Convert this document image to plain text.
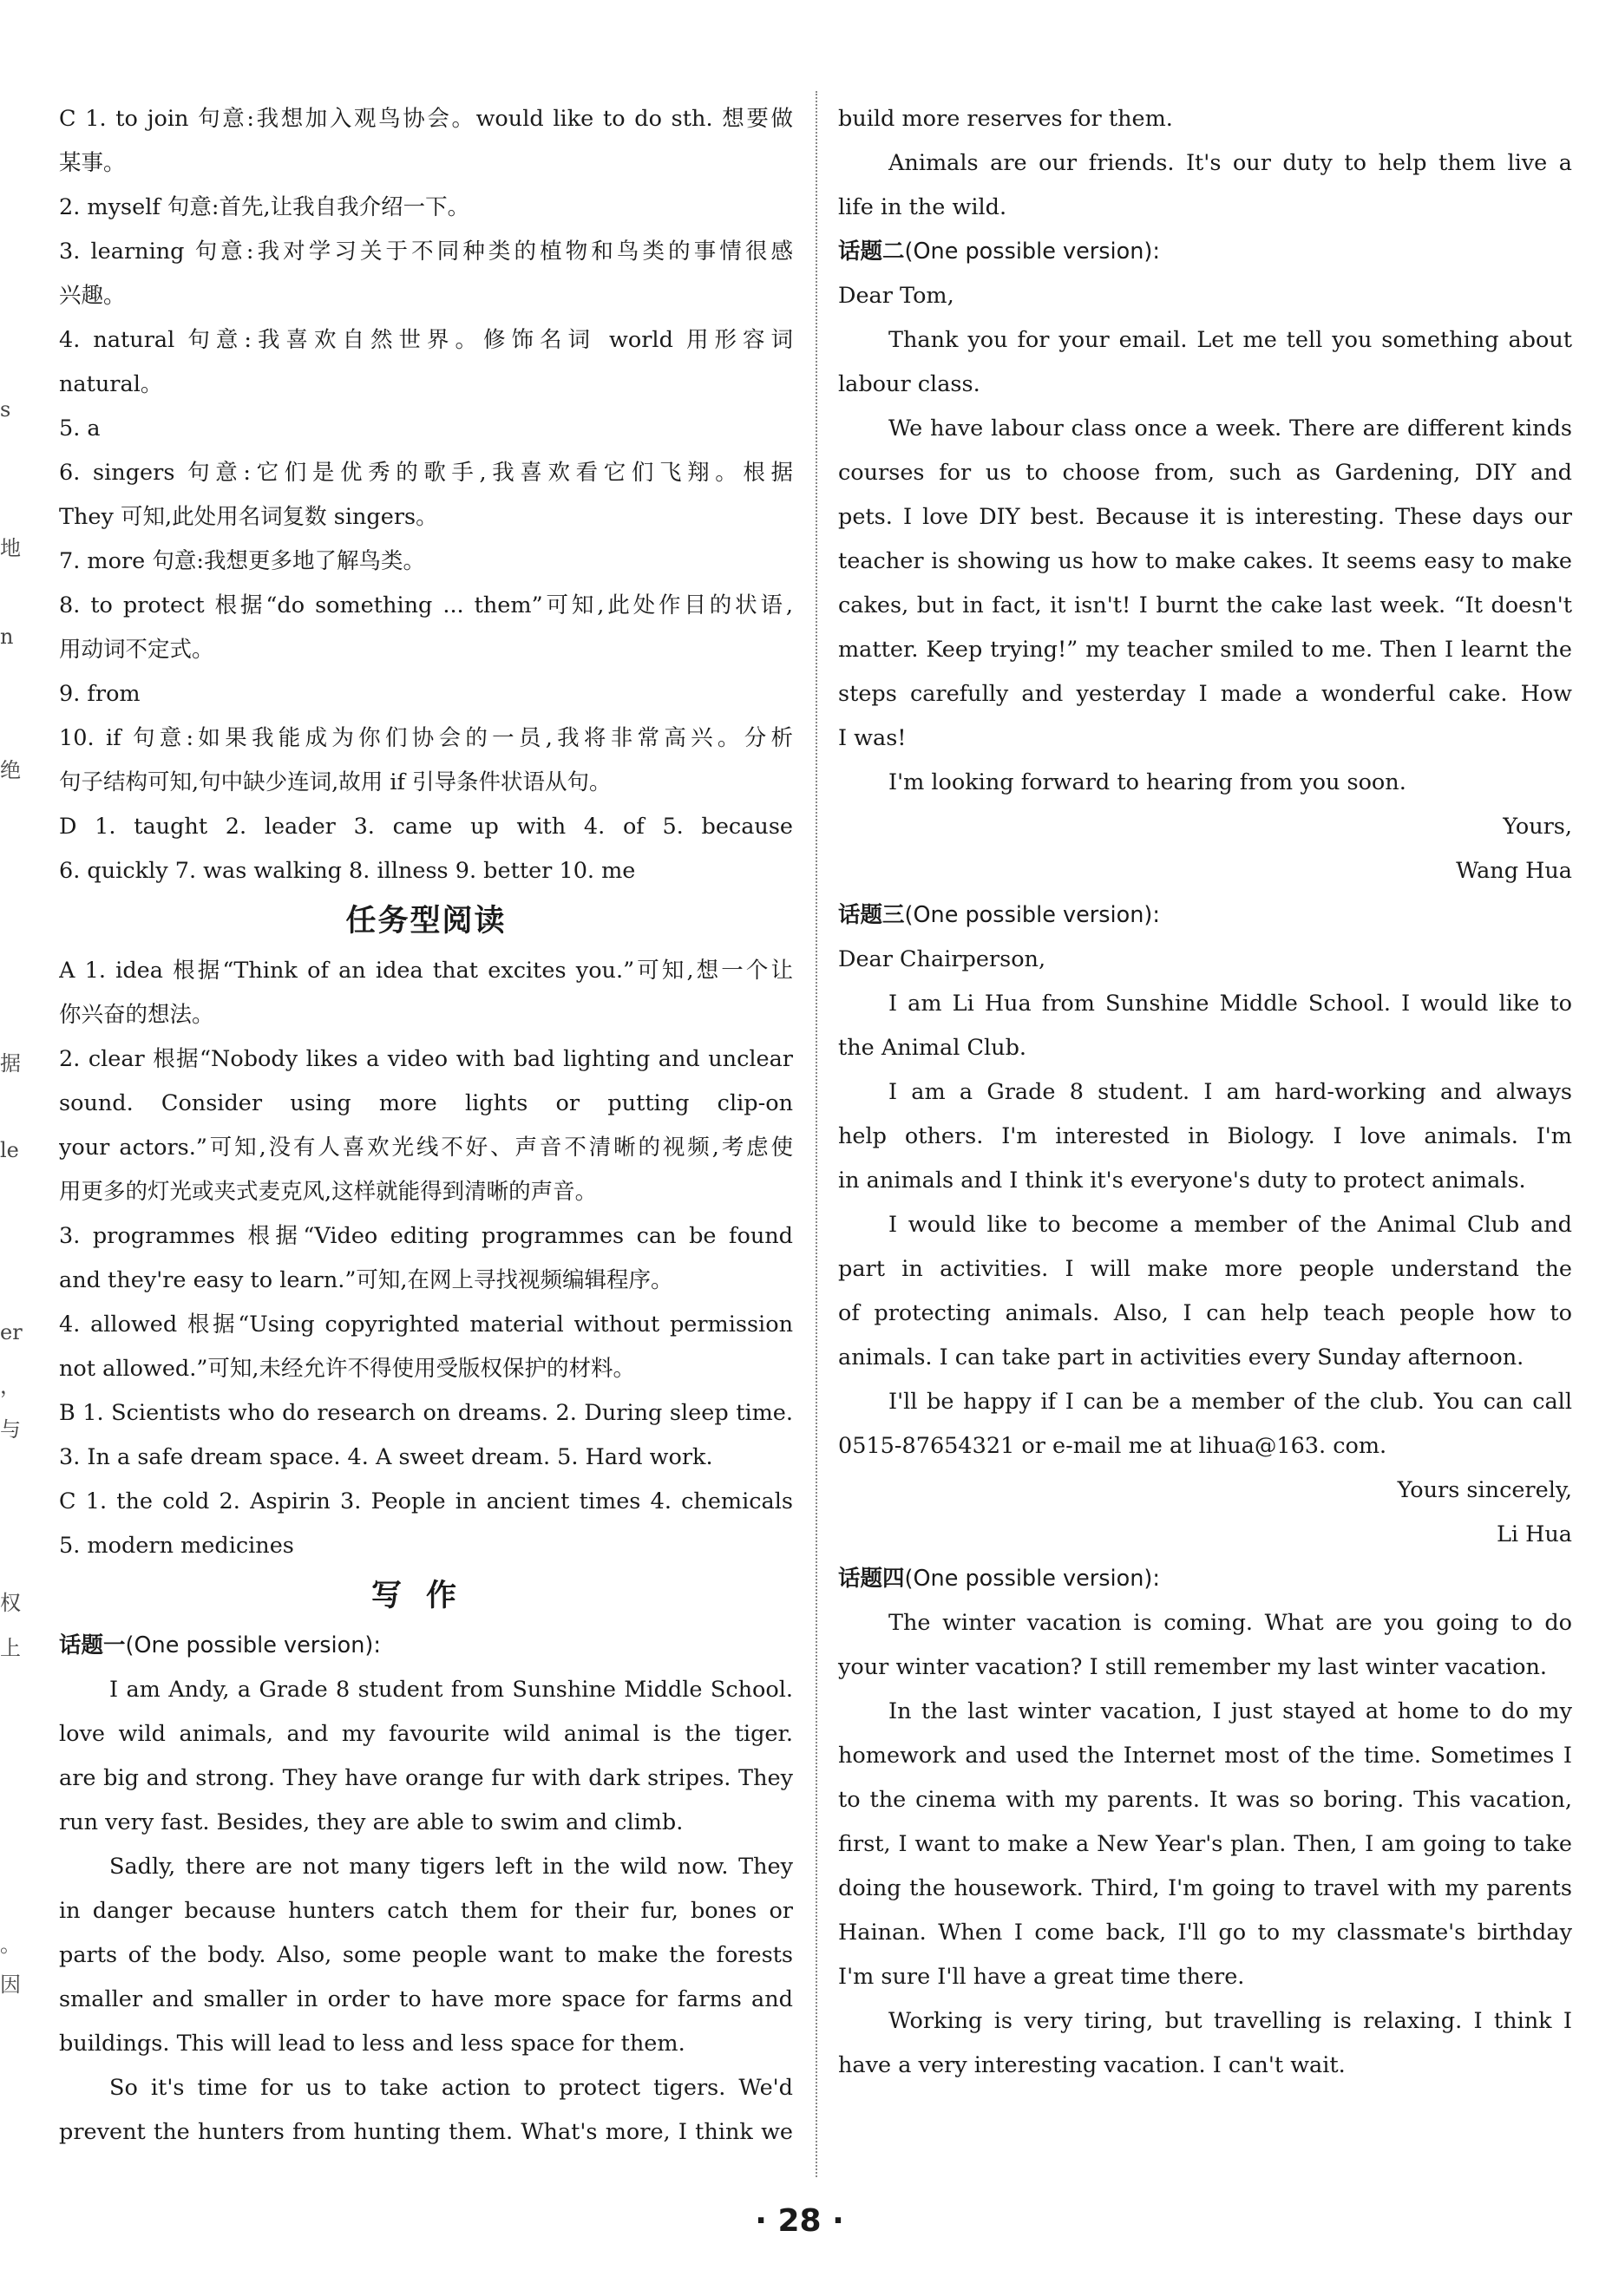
s
地
n
绝
据
le
er
，
与
权
上
。
因
C 1. to join 句意:我想加入观鸟协会。would like to do sth. 想要做
某事。
2. myself 句意:首先,让我自我介绍一下。
3. learning 句意:我对学习关于不同种类的植物和鸟类的事情很感
兴趣。
4. natural 句意:我喜欢自然世界。修饰名词 world 用形容词
natural。
5. a
6. singers 句意:它们是优秀的歌手,我喜欢看它们飞翔。根据
They 可知,此处用名词复数 singers。
7. more 句意:我想更多地了解鸟类。
8. to protect 根据“do something ... them”可知,此处作目的状语,
用动词不定式。
9. from
10. if 句意:如果我能成为你们协会的一员,我将非常高兴。分析
句子结构可知,句中缺少连词,故用 if 引导条件状语从句。
D 1. taught 2. leader 3. came up with 4. of 5. because
6. quickly 7. was walking 8. illness 9. better 10. me
任务型阅读
A 1. idea 根据“Think of an idea that excites you.”可知,想一个让
你兴奋的想法。
2. clear 根据“Nobody likes a video with bad lighting and unclear
sound. Consider using more lights or putting clip-on
your actors.”可知,没有人喜欢光线不好、声音不清晰的视频,考虑使
用更多的灯光或夹式麦克风,这样就能得到清晰的声音。
3. programmes 根据“Video editing programmes can be found
and they're easy to learn.”可知,在网上寻找视频编辑程序。
4. allowed 根据“Using copyrighted material without permission
not allowed.”可知,未经允许不得使用受版权保护的材料。
B 1. Scientists who do research on dreams. 2. During sleep time.
3. In a safe dream space. 4. A sweet dream. 5. Hard work.
C 1. the cold 2. Aspirin 3. People in ancient times 4. chemicals
5. modern medicines
写作
话题一(One possible version):
I am Andy, a Grade 8 student from Sunshine Middle School.
love wild animals, and my favourite wild animal is the tiger.
are big and strong. They have orange fur with dark stripes. They
run very fast. Besides, they are able to swim and climb.
Sadly, there are not many tigers left in the wild now. They
in danger because hunters catch them for their fur, bones or
parts of the body. Also, some people want to make the forests
smaller and smaller in order to have more space for farms and
buildings. This will lead to less and less space for them.
So it's time for us to take action to protect tigers. We'd
prevent the hunters from hunting them. What's more, I think we
build more reserves for them.
Animals are our friends. It's our duty to help them live a
life in the wild.
话题二(One possible version):
Dear Tom,
Thank you for your email. Let me tell you something about
labour class.
We have labour class once a week. There are different kinds
courses for us to choose from, such as Gardening, DIY and
pets. I love DIY best. Because it is interesting. These days our
teacher is showing us how to make cakes. It seems easy to make
cakes, but in fact, it isn't! I burnt the cake last week. “It doesn't
matter. Keep trying!” my teacher smiled to me. Then I learnt the
steps carefully and yesterday I made a wonderful cake. How
I was!
I'm looking forward to hearing from you soon.
Yours,
Wang Hua
话题三(One possible version):
Dear Chairperson,
I am Li Hua from Sunshine Middle School. I would like to
the Animal Club.
I am a Grade 8 student. I am hard-working and always
help others. I'm interested in Biology. I love animals. I'm
in animals and I think it's everyone's duty to protect animals.
I would like to become a member of the Animal Club and
part in activities. I will make more people understand the
of protecting animals. Also, I can help teach people how to
animals. I can take part in activities every Sunday afternoon.
I'll be happy if I can be a member of the club. You can call
0515-87654321 or e-mail me at lihua@163. com.
Yours sincerely,
Li Hua
话题四(One possible version):
The winter vacation is coming. What are you going to do
your winter vacation? I still remember my last winter vacation.
In the last winter vacation, I just stayed at home to do my
homework and used the Internet most of the time. Sometimes I
to the cinema with my parents. It was so boring. This vacation,
first, I want to make a New Year's plan. Then, I am going to take
doing the housework. Third, I'm going to travel with my parents
Hainan. When I come back, I'll go to my classmate's birthday
I'm sure I'll have a great time there.
Working is very tiring, but travelling is relaxing. I think I
have a very interesting vacation. I can't wait.
· 28 ·
